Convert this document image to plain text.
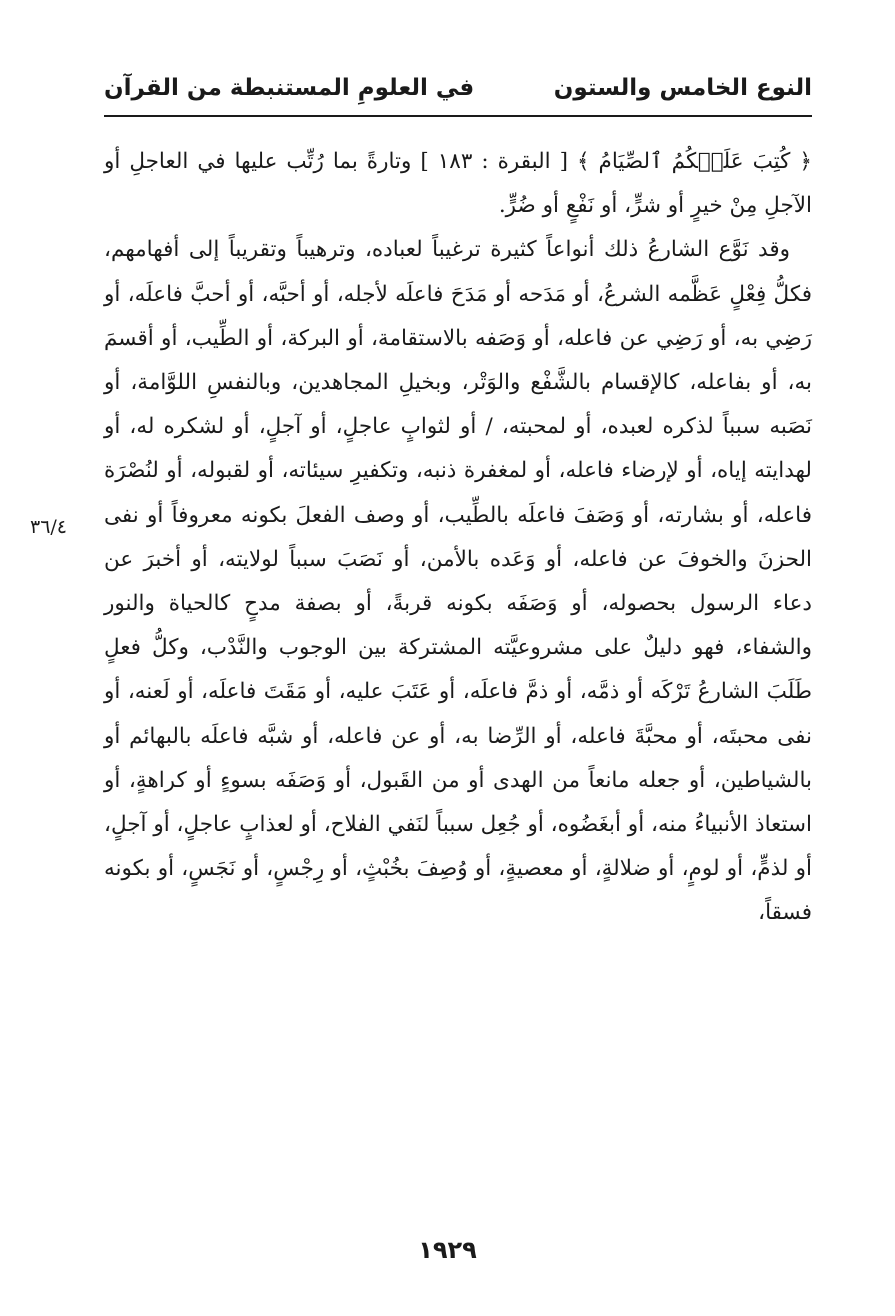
النوع الخامس والستون
في العلومِ المستنبطة من القرآن
٣٦/٤

﴿ كُتِبَ عَلَيۡكُمُ ٱلصِّيَامُ ﴾ [ البقرة : ١٨٣ ] وتارةً بما رُتِّب عليها في العاجلِ أو الآجلِ مِنْ خيرٍ أو شرٍّ، أو نَفْعٍ أو ضُرٍّ.

وقد نَوَّع الشارعُ ذلك أنواعاً كثيرة ترغيباً لعباده، وترهيباً وتقريباً إلى أفهامهم، فكلُّ فِعْلٍ عَظَّمه الشرعُ، أو مَدَحه أو مَدَحَ فاعلَه لأجله، أو أحبَّه، أو أحبَّ فاعلَه، أو رَضِي به، أو رَضِي عن فاعله، أو وَصَفه بالاستقامة، أو البركة، أو الطِّيب، أو أقسمَ به، أو بفاعله، كالإقسام بالشَّفْع والوَتْر، وبخيلِ المجاهدين، وبالنفسِ اللوَّامة، أو نَصَبه سبباً لذكره لعبده، أو لمحبته، / أو لثوابٍ عاجلٍ، أو آجلٍ، أو لشكره له، أو لهدايته إياه، أو لإرضاء فاعله، أو لمغفرة ذنبه، وتكفيرِ سيئاته، أو لقبوله، أو لنُصْرَة فاعله، أو بشارته، أو وَصَفَ فاعلَه بالطِّيب، أو وصف الفعلَ بكونه معروفاً أو نفى الحزنَ والخوفَ عن فاعله، أو وَعَده بالأمن، أو نَصَبَ سبباً لولايته، أو أخبرَ عن دعاء الرسول بحصوله، أو وَصَفَه بكونه قربةً، أو بصفة مدحٍ كالحياة والنور والشفاء، فهو دليلٌ على مشروعيَّته المشتركة بين الوجوب والنَّدْب، وكلُّ فعلٍ طَلَبَ الشارعُ تَرْكَه أو ذمَّه، أو ذمَّ فاعلَه، أو عَتَبَ عليه، أو مَقَتَ فاعلَه، أو لَعنه، أو نفى محبتَه، أو محبَّةَ فاعله، أو الرِّضا به، أو عن فاعله، أو شبَّه فاعلَه بالبهائم أو بالشياطين، أو جعله مانعاً من الهدى أو من القَبول، أو وَصَفَه بسوءٍ أو كراهةٍ، أو استعاذ الأنبياءُ منه، أو أبغَضُوه، أو جُعِل سبباً لنَفي الفلاح، أو لعذابٍ عاجلٍ، أو آجلٍ، أو لذمٍّ، أو لومٍ، أو ضلالةٍ، أو معصيةٍ، أو وُصِفَ بخُبْثٍ، أو رِجْسٍ، أو نَجَسٍ، أو بكونه فسقاً،

١٩٢٩
